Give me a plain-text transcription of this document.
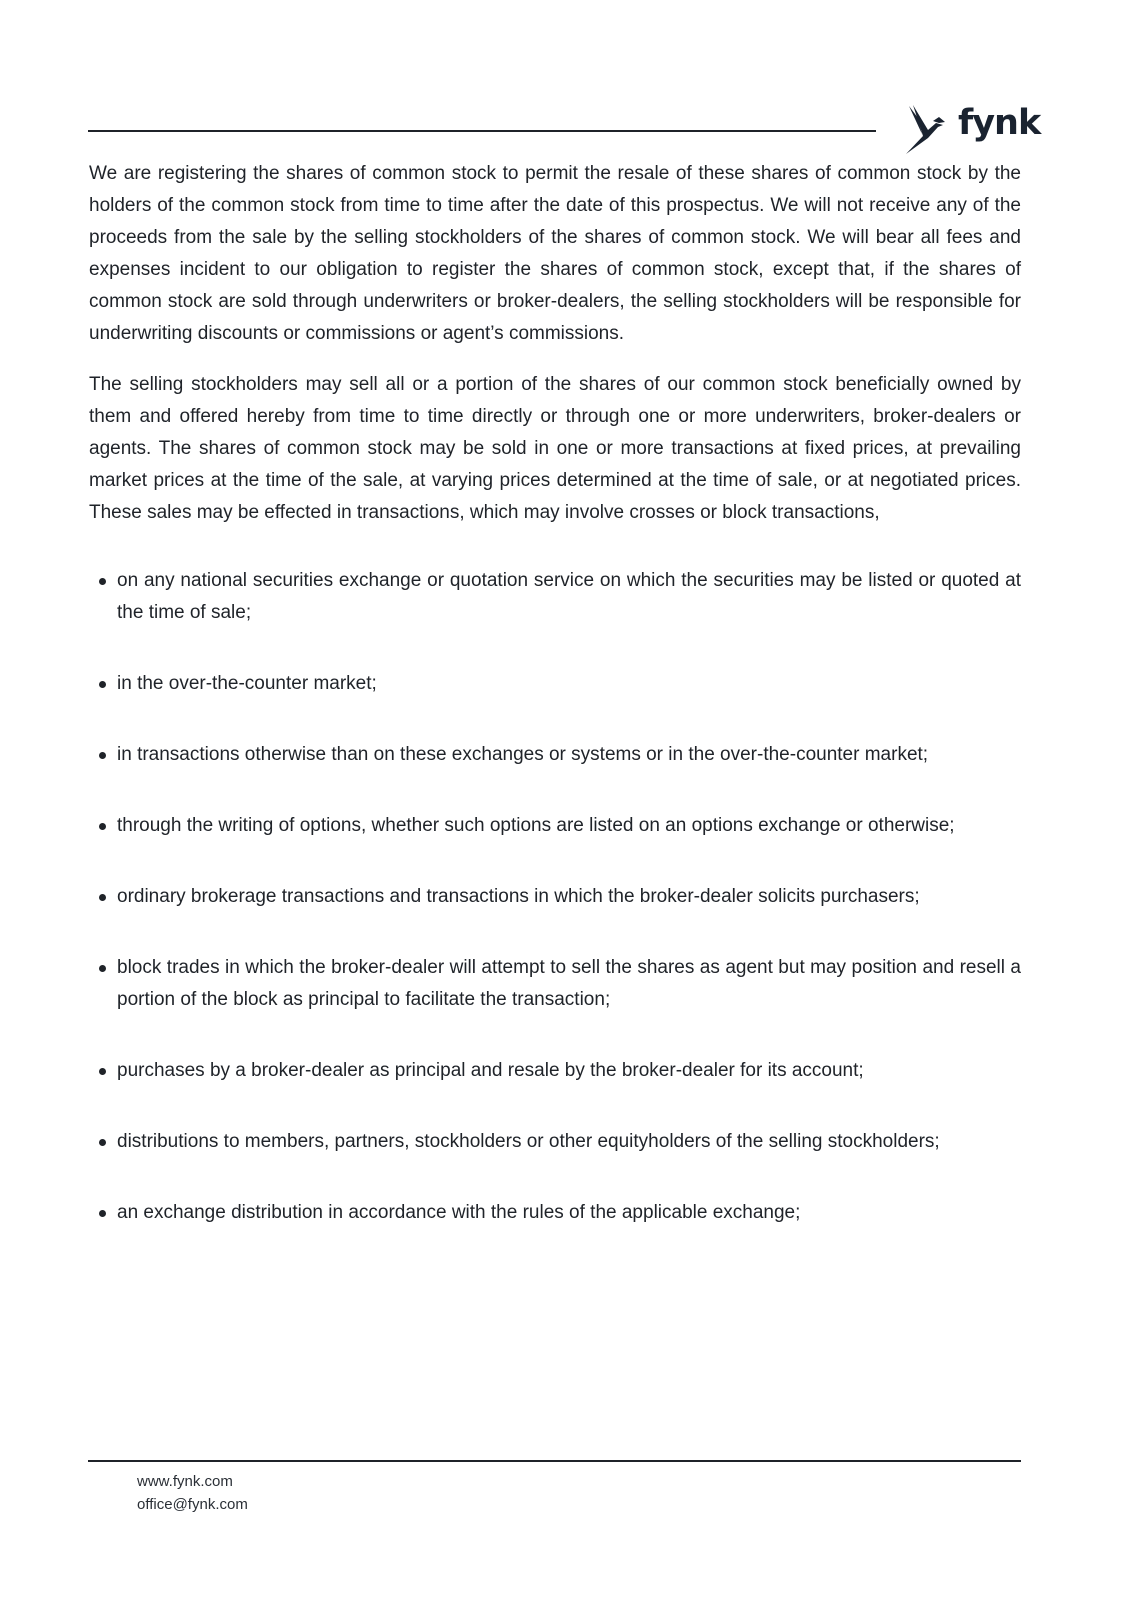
fynk

We are registering the shares of common stock to permit the resale of these shares of common stock by the holders of the common stock from time to time after the date of this prospectus. We will not receive any of the proceeds from the sale by the selling stockholders of the shares of common stock. We will bear all fees and expenses incident to our obligation to register the shares of common stock, except that, if the shares of common stock are sold through underwriters or broker-dealers, the selling stockholders will be responsible for underwriting discounts or commissions or agent’s commissions.

The selling stockholders may sell all or a portion of the shares of our common stock beneficially owned by them and offered hereby from time to time directly or through one or more underwriters, broker-dealers or agents. The shares of common stock may be sold in one or more transactions at fixed prices, at prevailing market prices at the time of the sale, at varying prices determined at the time of sale, or at negotiated prices. These sales may be effected in transactions, which may involve crosses or block transactions,

on any national securities exchange or quotation service on which the securities may be listed or quoted at the time of sale;
in the over-the-counter market;
in transactions otherwise than on these exchanges or systems or in the over-the-counter market;
through the writing of options, whether such options are listed on an options exchange or otherwise;
ordinary brokerage transactions and transactions in which the broker-dealer solicits purchasers;
block trades in which the broker-dealer will attempt to sell the shares as agent but may position and resell a portion of the block as principal to facilitate the transaction;
purchases by a broker-dealer as principal and resale by the broker-dealer for its account;
distributions to members, partners, stockholders or other equityholders of the selling stockholders;
an exchange distribution in accordance with the rules of the applicable exchange;
www.fynk.com
office@fynk.com
